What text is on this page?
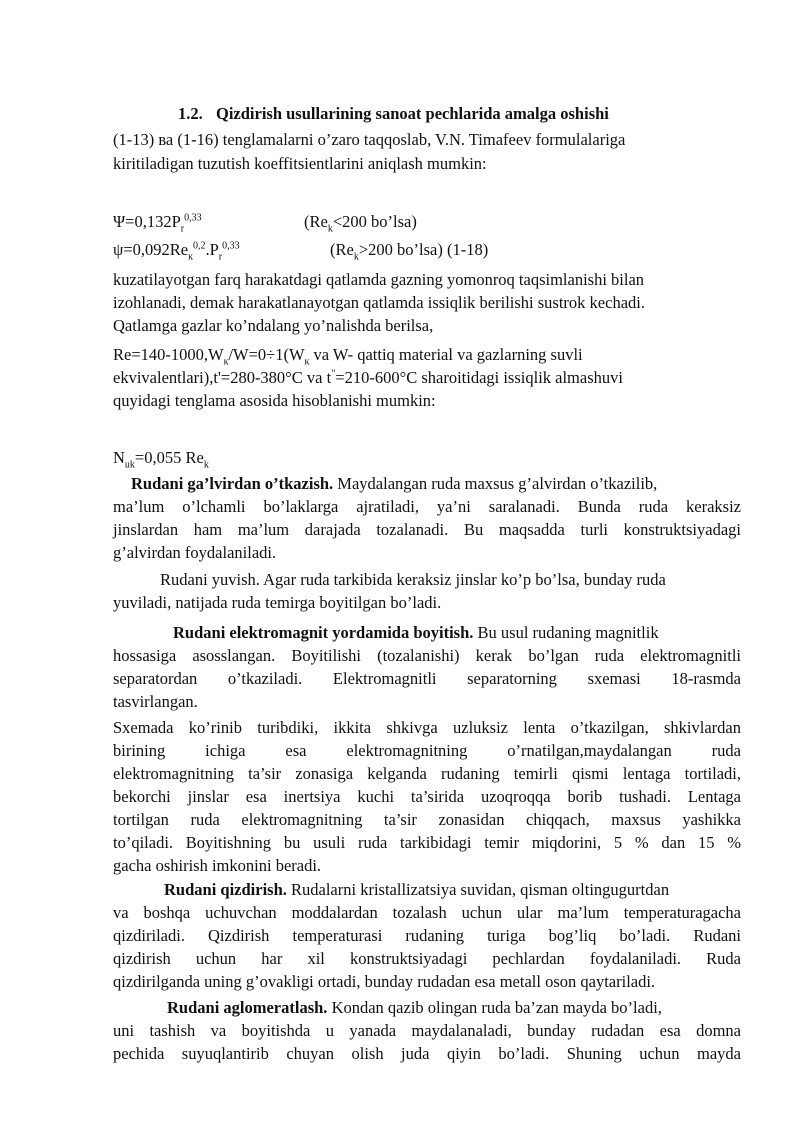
1.2. Qizdirish usullarining sanoat pechlarida amalga oshishi
(1-13) ва (1-16) tenglamalarni o’zaro taqqoslab, V.N. Timafeev formulalariga
kiritiladigan tuzutish koeffitsientlarini aniqlash mumkin:
$\Psi=0,132P_r^{0,33}$	($Re_k<200$ bo’lsa)
$\psi=0,092Re_к^{0,2}.P_r^{0,33}$	($Re_k>200$ bo’lsa) (1-18)
kuzatilayotgan farq harakatdagi qatlamda gazning yomonroq taqsimlanishi bilan
izohlanadi, demak harakatlanayotgan qatlamda issiqlik berilishi sustrok kechadi.
Qatlamga gazlar ko’ndalang yo’nalishda berilsa,
$Re=140-1000,W_к/W=0\div 1(W_к$ va W- qattiq material va gazlarning suvli
ekvivalentlari),t'=280-380°C va t"=210-600°C sharoitidagi issiqlik almashuvi
quyidagi tenglama asosida hisoblanishi mumkin:
$N_{uk}=0,055$ $Re_k$
Rudani ga’lvirdan o’tkazish. Maydalangan ruda maxsus g’alvirdan o’tkazilib,
ma’lum o’lchamli bo’laklarga ajratiladi, ya’ni saralanadi. Bunda ruda keraksiz
jinslardan ham ma’lum darajada tozalanadi. Bu maqsadda turli konstruktsiyadagi
g’alvirdan foydalaniladi.
Rudani yuvish. Agar ruda tarkibida keraksiz jinslar ko’p bo’lsa, bunday ruda
yuviladi, natijada ruda temirga boyitilgan bo’ladi.
Rudani elektromagnit yordamida boyitish. Bu usul rudaning magnitlik
hossasiga asosslangan. Boyitilishi (tozalanishi) kerak bo’lgan ruda elektromagnitli
separatordan o’tkaziladi. Elektromagnitli separatorning sxemasi 18-rasmda
tasvirlangan.
Sxemada ko’rinib turibdiki, ikkita shkivga uzluksiz lenta o’tkazilgan, shkivlardan
birining ichiga esa elektromagnitning o’rnatilgan,maydalangan ruda
elektromagnitning ta’sir zonasiga kelganda rudaning temirli qismi lentaga tortiladi,
bekorchi jinslar esa inertsiya kuchi ta’sirida uzoqroqqa borib tushadi. Lentaga
tortilgan ruda elektromagnitning ta’sir zonasidan chiqqach, maxsus yashikka
to’qiladi. Boyitishning bu usuli ruda tarkibidagi temir miqdorini, 5 % dan 15 %
gacha oshirish imkonini beradi.
Rudani qizdirish. Rudalarni kristallizatsiya suvidan, qisman oltingugurtdan
va boshqa uchuvchan moddalardan tozalash uchun ular ma’lum temperaturagacha
qizdiriladi. Qizdirish temperaturasi rudaning turiga bog’liq bo’ladi. Rudani
qizdirish uchun har xil konstruktsiyadagi pechlardan foydalaniladi. Ruda
qizdirilganda uning g’ovakligi ortadi, bunday rudadan esa metall oson qaytariladi.
Rudani aglomeratlash. Kondan qazib olingan ruda ba’zan mayda bo’ladi,
uni tashish va boyitishda u yanada maydalanaladi, bunday rudadan esa domna
pechida suyuqlantirib chuyan olish juda qiyin bo’ladi. Shuning uchun mayda
